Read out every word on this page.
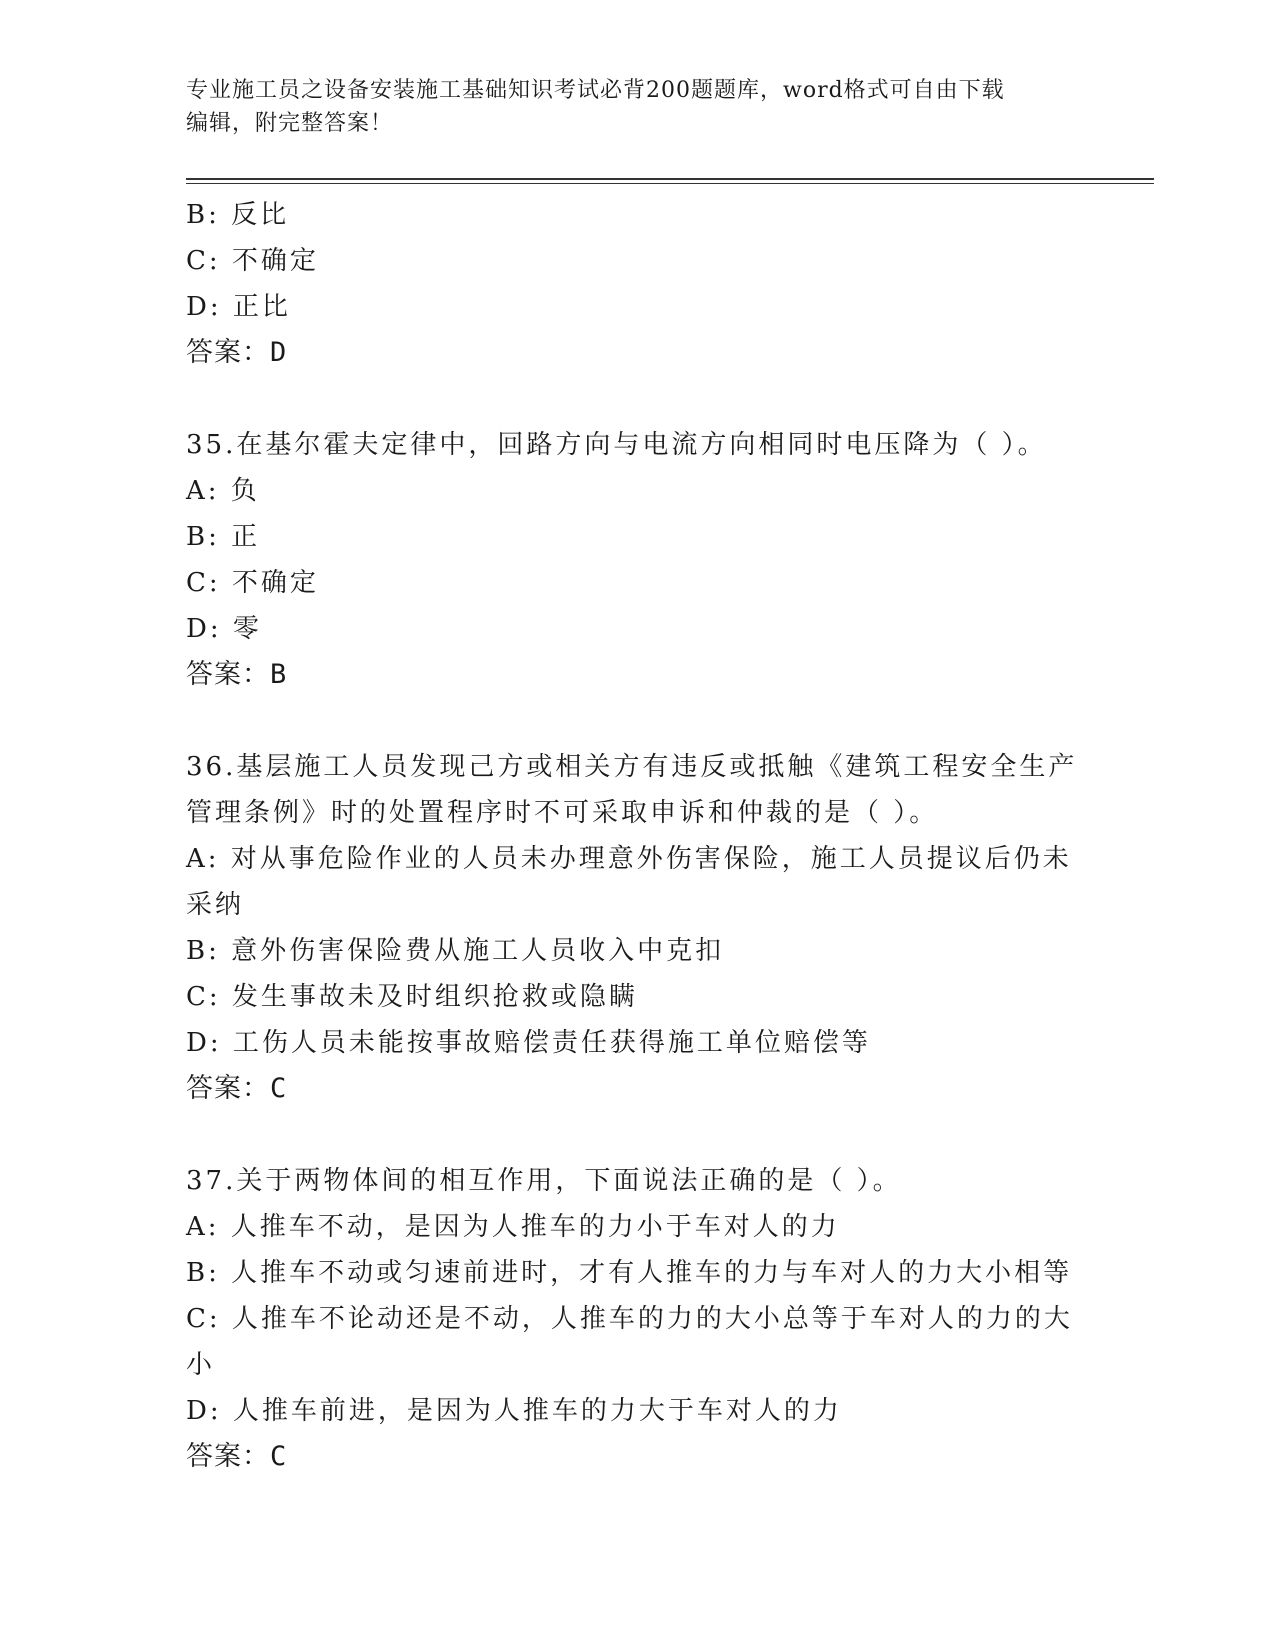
专业施工员之设备安装施工基础知识考试必背200题题库，word格式可自由下载
编辑，附完整答案！
B: 反比
C: 不确定
D: 正比
答案：D
35.在基尔霍夫定律中，回路方向与电流方向相同时电压降为（ ）。
A: 负
B: 正
C: 不确定
D: 零
答案：B
36.基层施工人员发现己方或相关方有违反或抵触《建筑工程安全生产
管理条例》时的处置程序时不可采取申诉和仲裁的是（ ）。
A: 对从事危险作业的人员未办理意外伤害保险，施工人员提议后仍未
采纳
B: 意外伤害保险费从施工人员收入中克扣
C: 发生事故未及时组织抢救或隐瞒
D: 工伤人员未能按事故赔偿责任获得施工单位赔偿等
答案：C
37.关于两物体间的相互作用，下面说法正确的是（ ）。
A: 人推车不动，是因为人推车的力小于车对人的力
B: 人推车不动或匀速前进时，才有人推车的力与车对人的力大小相等
C: 人推车不论动还是不动，人推车的力的大小总等于车对人的力的大
小
D: 人推车前进，是因为人推车的力大于车对人的力
答案：C
